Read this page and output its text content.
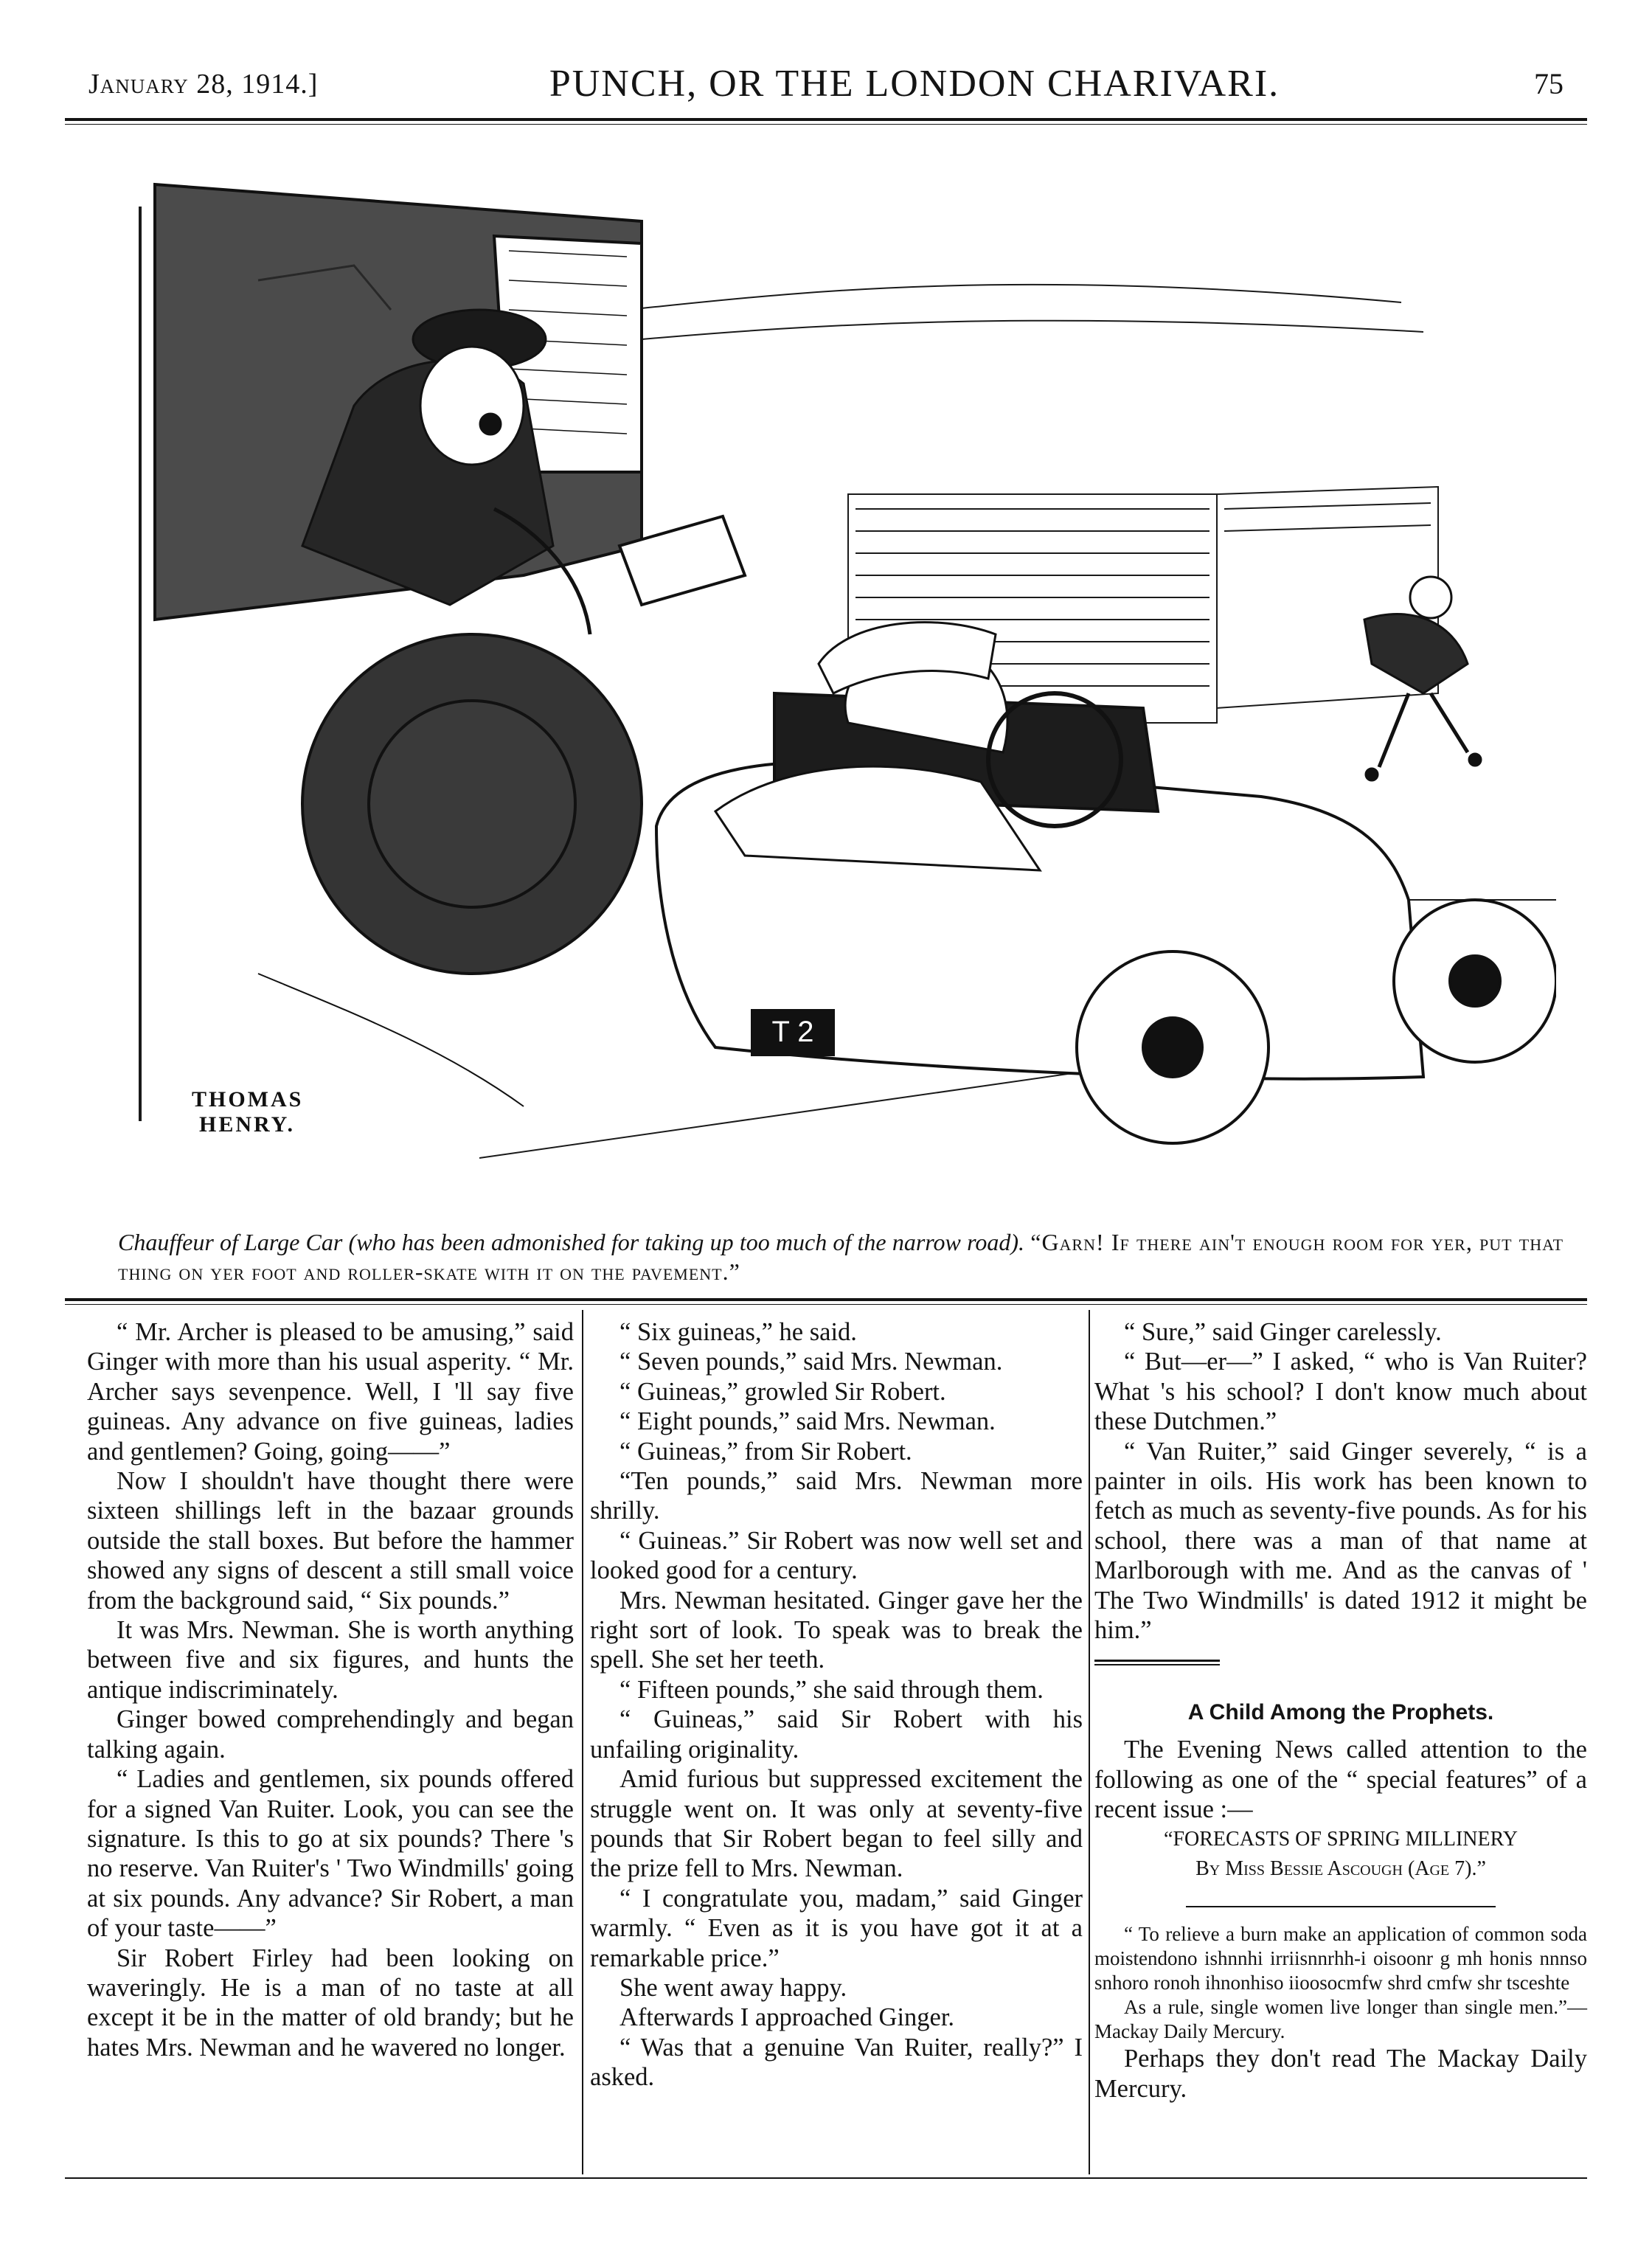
January 28, 1914.]	PUNCH, OR THE LONDON CHARIVARI.	75
T 2
THOMAS
HENRY.
Chauffeur of Large Car (who has been admonished for taking up too much of the narrow road). “Garn! If there ain't enough room for yer, put that thing on yer foot and roller-skate with it on the pavement.”

“ Mr. Archer is pleased to be amusing,” said Ginger with more than his usual asperity. “ Mr. Archer says sevenpence. Well, I 'll say five guineas. Any advance on five guineas, ladies and gentlemen? Going, going——”

Now I shouldn't have thought there were sixteen shillings left in the bazaar grounds outside the stall boxes. But before the hammer showed any signs of descent a still small voice from the background said, “ Six pounds.”

It was Mrs. Newman. She is worth anything between five and six figures, and hunts the antique indiscriminately.

Ginger bowed comprehendingly and began talking again.

“ Ladies and gentlemen, six pounds offered for a signed Van Ruiter. Look, you can see the signature. Is this to go at six pounds? There 's no reserve. Van Ruiter's ' Two Windmills' going at six pounds. Any advance? Sir Robert, a man of your taste——”

Sir Robert Firley had been looking on waveringly. He is a man of no taste at all except it be in the matter of old brandy; but he hates Mrs. Newman and he wavered no longer.

“ Six guineas,” he said.

“ Seven pounds,” said Mrs. Newman.

“ Guineas,” growled Sir Robert.

“ Eight pounds,” said Mrs. Newman.

“ Guineas,” from Sir Robert.

“Ten pounds,” said Mrs. Newman more shrilly.

“ Guineas.” Sir Robert was now well set and looked good for a century.

Mrs. Newman hesitated. Ginger gave her the right sort of look. To speak was to break the spell. She set her teeth.

“ Fifteen pounds,” she said through them.

“ Guineas,” said Sir Robert with his unfailing originality.

Amid furious but suppressed excitement the struggle went on. It was only at seventy-five pounds that Sir Robert began to feel silly and the prize fell to Mrs. Newman.

“ I congratulate you, madam,” said Ginger warmly. “ Even as it is you have got it at a remarkable price.”

She went away happy.

Afterwards I approached Ginger.

“ Was that a genuine Van Ruiter, really?” I asked.

“ Sure,” said Ginger carelessly.

“ But—er—” I asked, “ who is Van Ruiter? What 's his school? I don't know much about these Dutchmen.”

“ Van Ruiter,” said Ginger severely, “ is a painter in oils. His work has been known to fetch as much as seventy-five pounds. As for his school, there was a man of that name at Marlborough with me. And as the canvas of ' The Two Windmills' is dated 1912 it might be him.”

A Child Among the Prophets.

The Evening News called attention to the following as one of the “ special features” of a recent issue :—

“FORECASTS OF SPRING MILLINERY

By Miss Bessie Ascough (Age 7).”

“ To relieve a burn make an application of common soda moistendono ishnnhi irriisnnrhh-i oisoonr g mh honis nnnso snhoro ronoh ihnonhiso iioosocmfw shrd cmfw shr tsceshte

As a rule, single women live longer than single men.”— Mackay Daily Mercury.

Perhaps they don't read The Mackay Daily Mercury.
